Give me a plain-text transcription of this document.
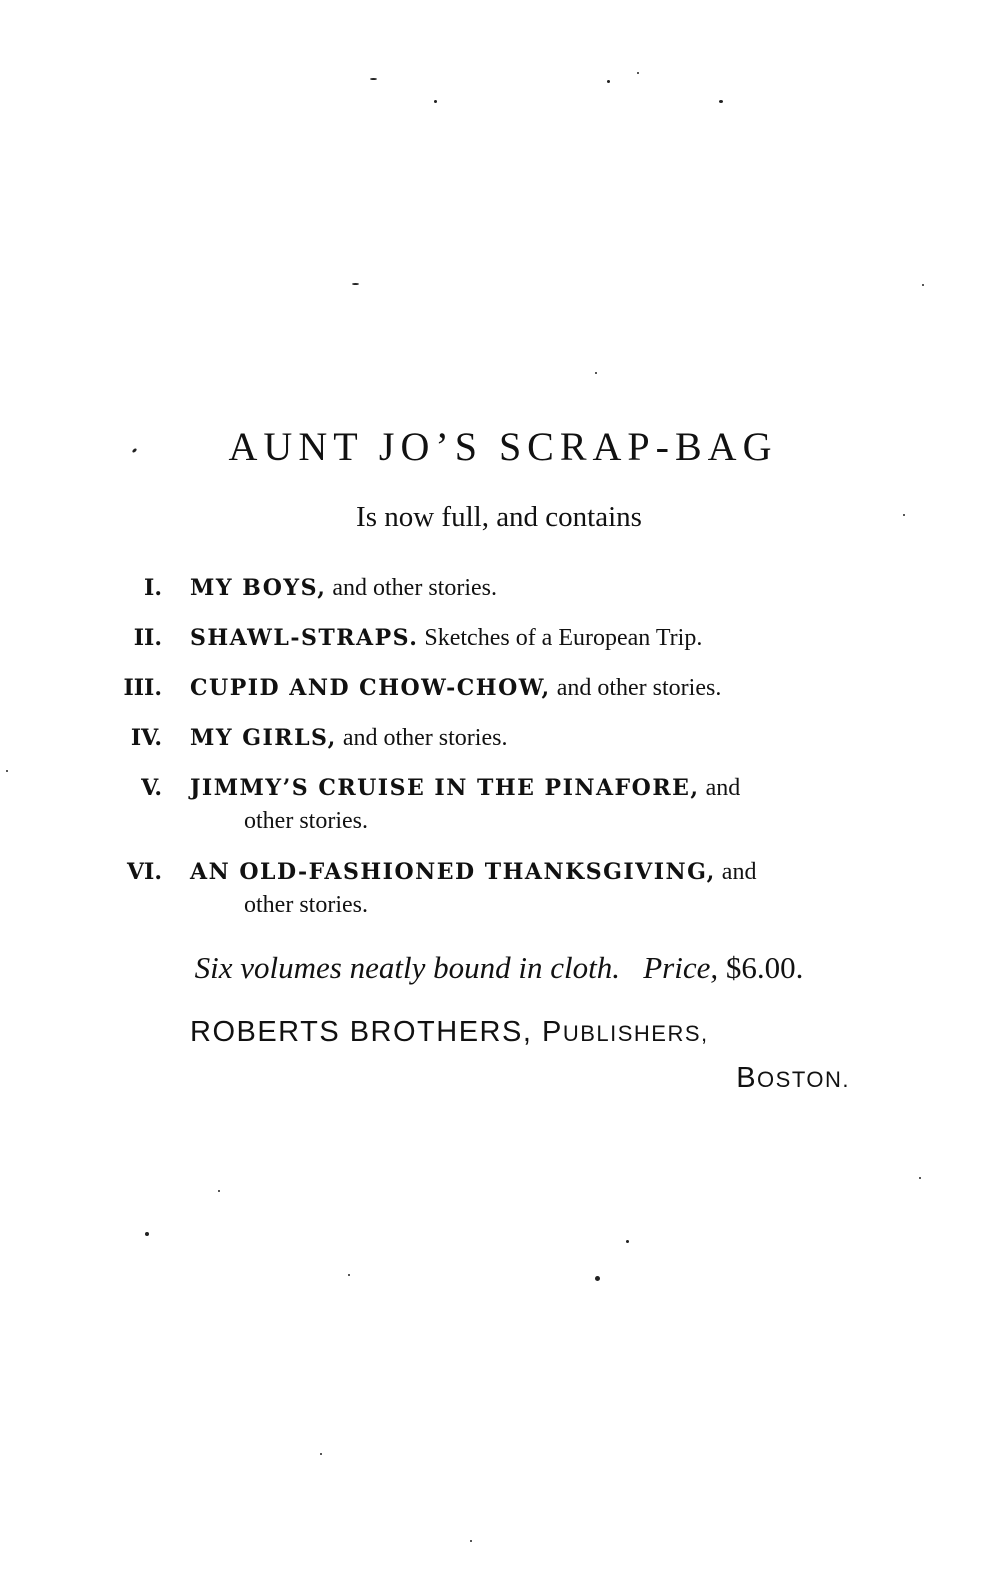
AUNT JO’S SCRAP-BAG
Is now full, and contains
I. MY BOYS, and other stories.
II. SHAWL-STRAPS. Sketches of a European Trip.
III. CUPID AND CHOW-CHOW, and other stories.
IV. MY GIRLS, and other stories.
V. JIMMY’S CRUISE IN THE PINAFORE, and
other stories.
VI. AN OLD-FASHIONED THANKSGIVING, and
other stories.
Six volumes neatly bound in cloth. Price, $6.00.
ROBERTS BROTHERS, PUBLISHERS,
BOSTON.
